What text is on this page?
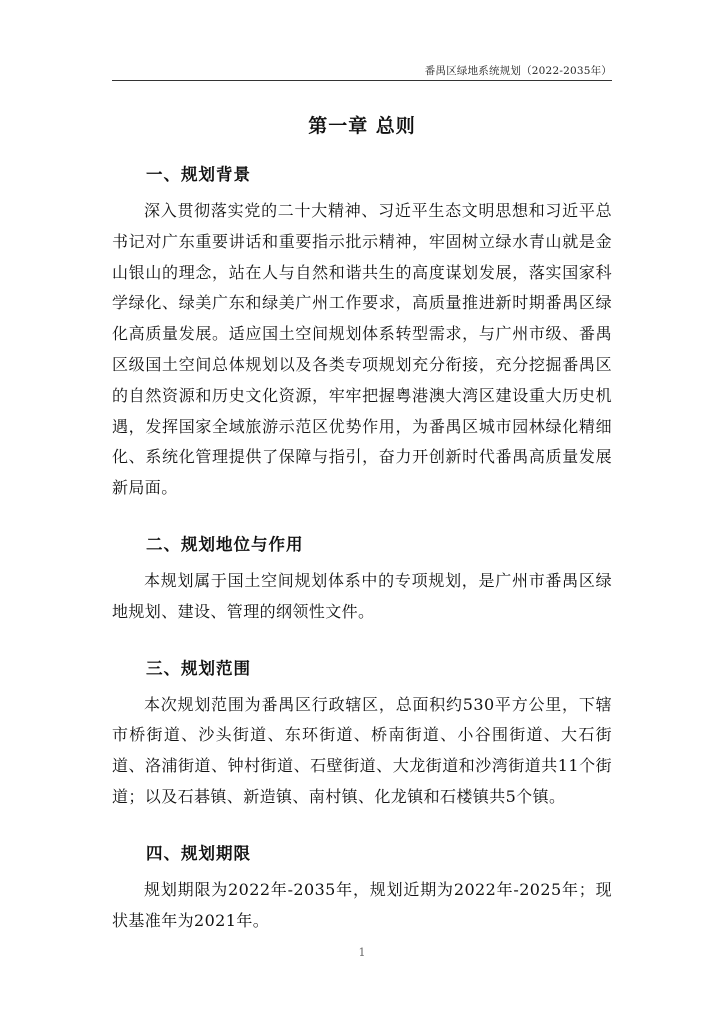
番禺区绿地系统规划（2022-2035年）
第一章 总则
一、规划背景

深入贯彻落实党的二十大精神、习近平生态文明思想和习近平总书记对广东重要讲话和重要指示批示精神，牢固树立绿水青山就是金山银山的理念，站在人与自然和谐共生的高度谋划发展，落实国家科学绿化、绿美广东和绿美广州工作要求，高质量推进新时期番禺区绿化高质量发展。适应国土空间规划体系转型需求，与广州市级、番禺区级国土空间总体规划以及各类专项规划充分衔接，充分挖掘番禺区的自然资源和历史文化资源，牢牢把握粤港澳大湾区建设重大历史机遇，发挥国家全域旅游示范区优势作用，为番禺区城市园林绿化精细化、系统化管理提供了保障与指引，奋力开创新时代番禺高质量发展新局面。

二、规划地位与作用

本规划属于国土空间规划体系中的专项规划，是广州市番禺区绿地规划、建设、管理的纲领性文件。

三、规划范围

本次规划范围为番禺区行政辖区，总面积约530平方公里，下辖市桥街道、沙头街道、东环街道、桥南街道、小谷围街道、大石街道、洛浦街道、钟村街道、石壁街道、大龙街道和沙湾街道共11个街道；以及石碁镇、新造镇、南村镇、化龙镇和石楼镇共5个镇。

四、规划期限

规划期限为2022年-2035年，规划近期为2022年-2025年；现状基准年为2021年。

1
